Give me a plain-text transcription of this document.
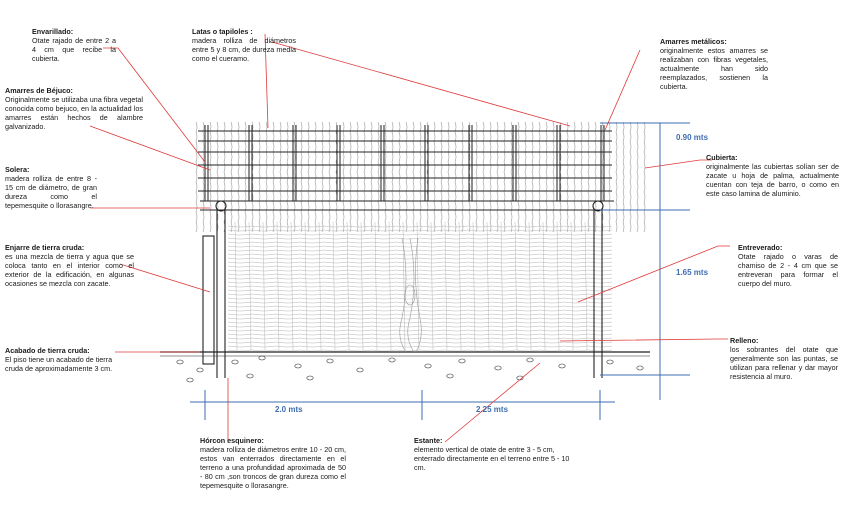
Envarillado:
Otate rajado de entre 2 a 4 cm que recibe la cubierta.
Latas o tapiloles :
madera rolliza de diámetros entre 5 y 8 cm, de dureza media como el cueramo.
Amarres metálicos:
originalmente estos amarres se realizaban con fibras vegetales, actualmente han sido reemplazados, sostienen la cubierta.
Amarres de Béjuco:
Originalmente se utilizaba una fibra vegetal conocida como bejuco, en la actualidad los amarres están hechos de alambre galvanizado.
Cubierta:
originalmente las cubiertas solían ser de zacate u hoja de palma, actualmente cuentan con teja de barro, o como en este caso lamina de aluminio.
Solera:
madera rolliza de entre 8 - 15 cm de diámetro, de gran dureza como el tepemesquite o llorasangre.
Enjarre de tierra cruda:
es una mezcla de tierra y agua que se coloca tanto en el interior como el exterior de la edificación, en algunas ocasiones se mezcla con zacate.
Entreverado:
Otate rajado o varas de chamiso de 2 - 4 cm que se entreveran para formar el cuerpo del muro.
Relleno:
los sobrantes del otate que generalmente son las puntas, se utilizan para rellenar y dar mayor resistencia al muro.
Acabado de tierra cruda:
El piso tiene un acabado de tierra cruda de aproximadamente 3 cm.
Hórcon esquinero:
madera rolliza de diámetros entre 10 - 20 cm, estos van enterrados directamente en el terreno a una profundidad aproximada de 50 - 80 cm ,son troncos de gran dureza como el tepemesquite o llorasangre.
Estante:
elemento vertical de otate de entre 3 - 5 cm, enterrado directamente en el terreno entre 5 - 10 cm.
0.90 mts
1.65 mts
2.0 mts	2.25 mts
